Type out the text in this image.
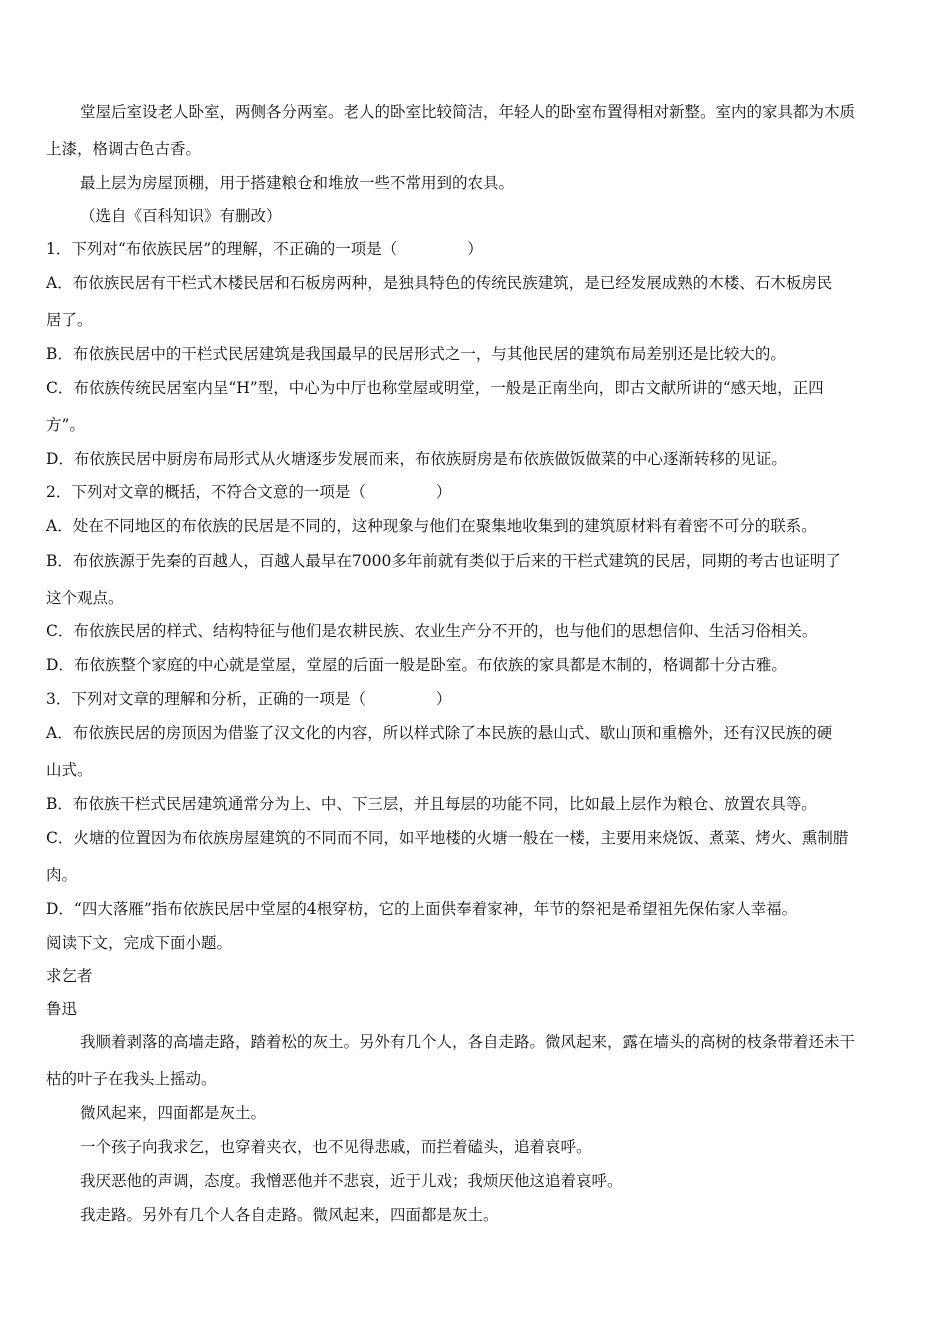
堂屋后室设老人卧室，两侧各分两室。老人的卧室比较简洁，年轻人的卧室布置得相对新整。室内的家具都为木质
上漆，格调古色古香。
最上层为房屋顶棚，用于搭建粮仓和堆放一些不常用到的农具。
（选自《百科知识》有删改）
1．下列对“布依族民居”的理解，不正确的一项是（	）
A．布依族民居有干栏式木楼民居和石板房两种，是独具特色的传统民族建筑，是已经发展成熟的木楼、石木板房民
居了。
B．布依族民居中的干栏式民居建筑是我国最早的民居形式之一，与其他民居的建筑布局差别还是比较大的。
C．布依族传统民居室内呈“H”型，中心为中厅也称堂屋或明堂，一般是正南坐向，即古文献所讲的“感天地，正四
方”。
D．布依族民居中厨房布局形式从火塘逐步发展而来，布依族厨房是布依族做饭做菜的中心逐渐转移的见证。
2．下列对文章的概括，不符合文意的一项是（	）
A．处在不同地区的布依族的民居是不同的，这种现象与他们在聚集地收集到的建筑原材料有着密不可分的联系。
B．布依族源于先秦的百越人，百越人最早在7000多年前就有类似于后来的干栏式建筑的民居，同期的考古也证明了
这个观点。
C．布依族民居的样式、结构特征与他们是农耕民族、农业生产分不开的，也与他们的思想信仰、生活习俗相关。
D．布依族整个家庭的中心就是堂屋，堂屋的后面一般是卧室。布依族的家具都是木制的，格调都十分古雅。
3．下列对文章的理解和分析，正确的一项是（	）
A．布依族民居的房顶因为借鉴了汉文化的内容，所以样式除了本民族的悬山式、歇山顶和重檐外，还有汉民族的硬
山式。
B．布依族干栏式民居建筑通常分为上、中、下三层，并且每层的功能不同，比如最上层作为粮仓、放置农具等。
C．火塘的位置因为布依族房屋建筑的不同而不同，如平地楼的火塘一般在一楼，主要用来烧饭、煮菜、烤火、熏制腊
肉。
D．“四大落雁”指布依族民居中堂屋的4根穿枋，它的上面供奉着家神，年节的祭祀是希望祖先保佑家人幸福。
阅读下文，完成下面小题。
求乞者
鲁迅
我顺着剥落的高墙走路，踏着松的灰土。另外有几个人，各自走路。微风起来，露在墙头的高树的枝条带着还未干
枯的叶子在我头上摇动。
微风起来，四面都是灰土。
一个孩子向我求乞，也穿着夹衣，也不见得悲戚，而拦着磕头，追着哀呼。
我厌恶他的声调，态度。我憎恶他并不悲哀，近于儿戏；我烦厌他这追着哀呼。
我走路。另外有几个人各自走路。微风起来，四面都是灰土。
